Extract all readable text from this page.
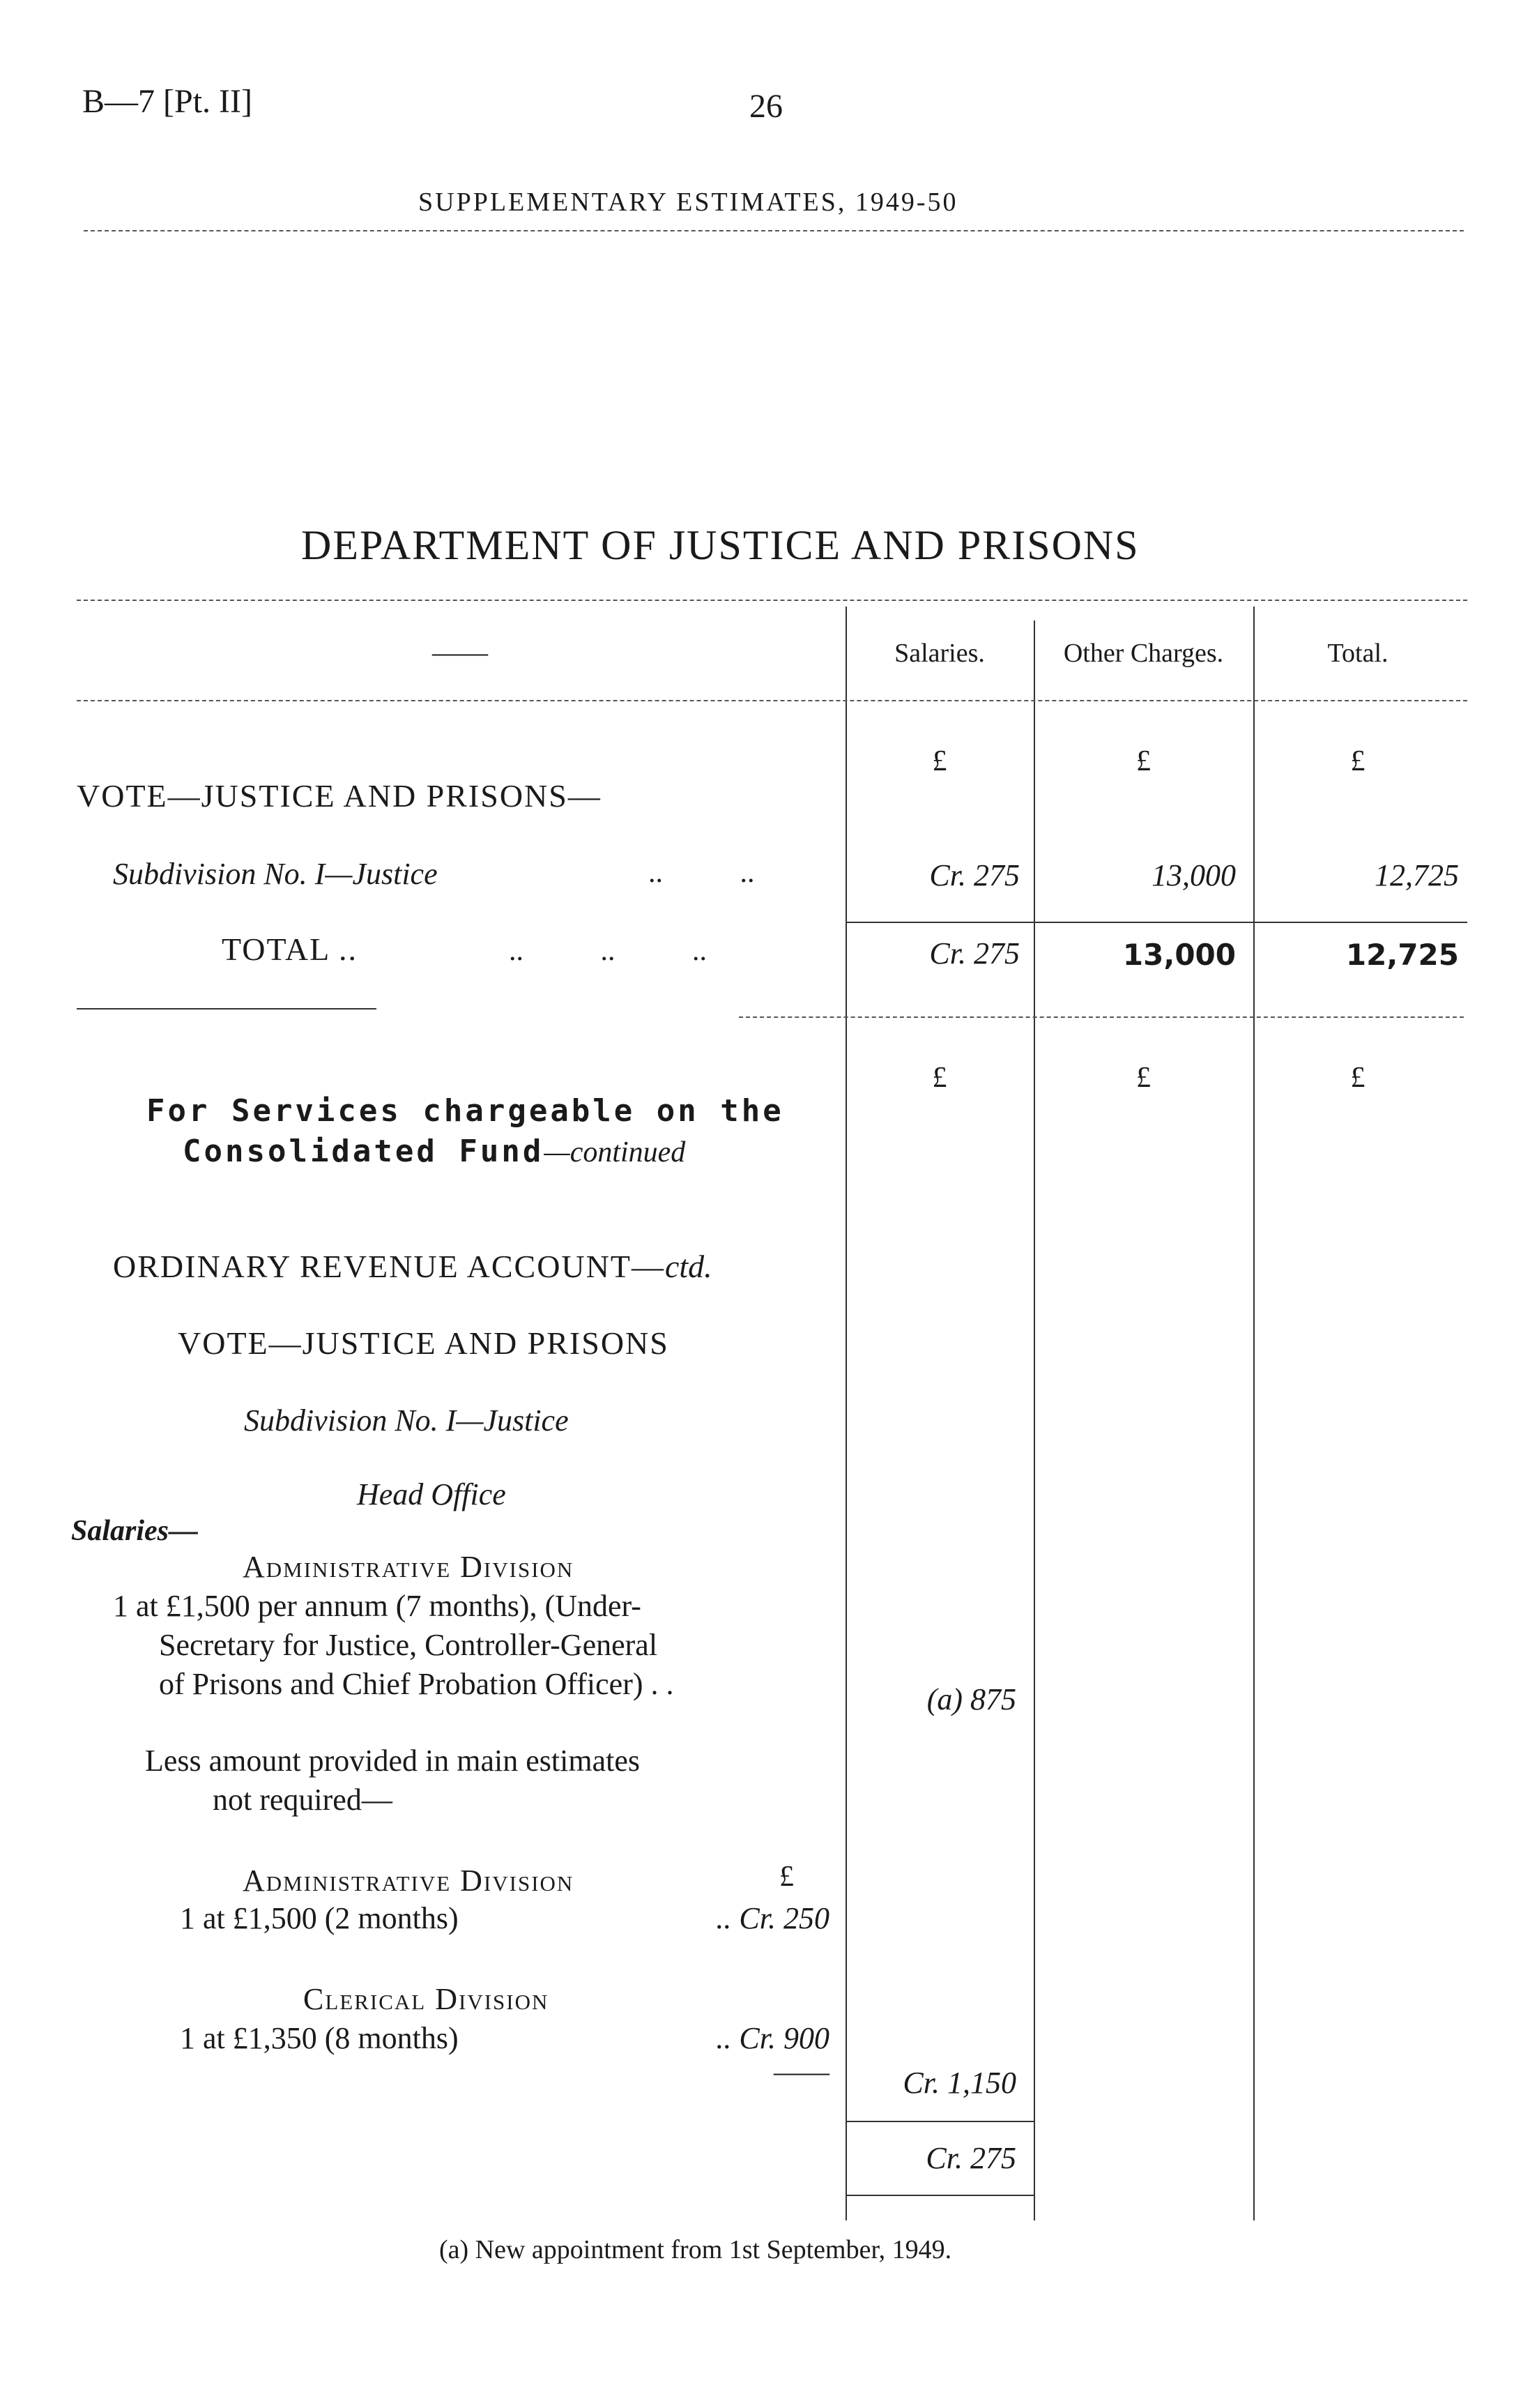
B—7 [Pt. II]	26
SUPPLEMENTARY ESTIMATES, 1949-50
DEPARTMENT OF JUSTICE AND PRISONS
——	Salaries.	Other Charges.	Total.
£	£	£
VOTE—JUSTICE AND PRISONS—
Subdivision No. I—Justice	.. ..	Cr. 275	13,000	12,725
TOTAL ..	.. .. ..	Cr. 275	13,000	12,725
£	£	£
For Services chargeable on the
Consolidated Fund—continued
ORDINARY REVENUE ACCOUNT—ctd.
VOTE—JUSTICE AND PRISONS
Subdivision No. I—Justice
Head Office
Salaries—
Administrative Division
1 at £1,500 per annum (7 months), (Under-
Secretary for Justice, Controller-General
of Prisons and Chief Probation Officer) . .	(a) 875
Less amount provided in main estimates
not required—
Administrative Division	£
1 at £1,500 (2 months)	.. Cr. 250
Clerical Division
1 at £1,350 (8 months)	.. Cr. 900
——	Cr. 1,150
Cr. 275
(a) New appointment from 1st September, 1949.
